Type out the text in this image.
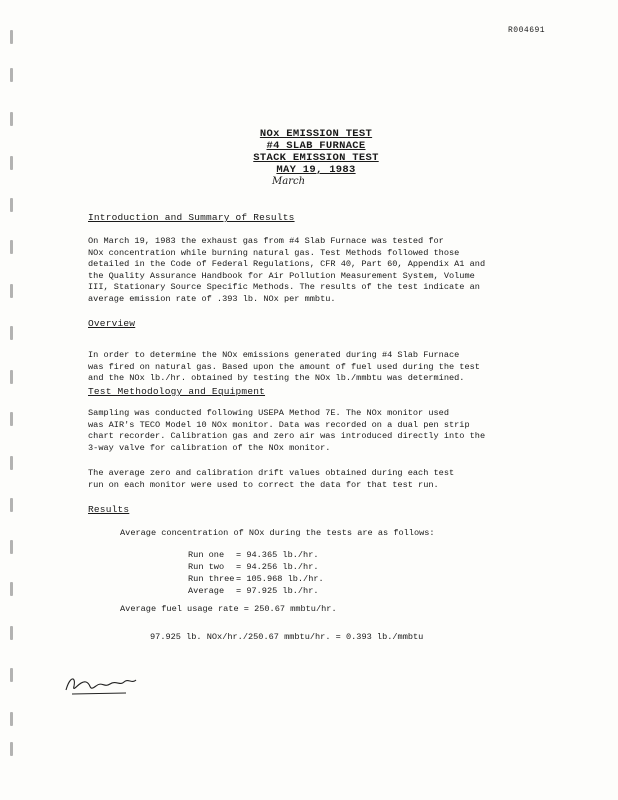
R004691
NOx EMISSION TEST
#4 SLAB FURNACE
STACK EMISSION TEST
MAY 19, 1983
March
Introduction and Summary of Results

On March 19, 1983 the exhaust gas from #4 Slab Furnace was tested for
NOx concentration while burning natural gas. Test Methods followed those
detailed in the Code of Federal Regulations, CFR 40, Part 60, Appendix A1 and
the Quality Assurance Handbook for Air Pollution Measurement System, Volume
III, Stationary Source Specific Methods. The results of the test indicate an
average emission rate of .393 lb. NOx per mmbtu.

Overview

In order to determine the NOx emissions generated during #4 Slab Furnace
was fired on natural gas. Based upon the amount of fuel used during the test
and the NOx lb./hr. obtained by testing the NOx lb./mmbtu was determined.

Test Methodology and Equipment

Sampling was conducted following USEPA Method 7E. The NOx monitor used
was AIR's TECO Model 10 NOx monitor. Data was recorded on a dual pen strip
chart recorder. Calibration gas and zero air was introduced directly into the
3-way valve for calibration of the NOx monitor.

The average zero and calibration drift values obtained during each test
run on each monitor were used to correct the data for that test run.

Results
Average concentration of NOx during the tests are as follows:
Run one	= 94.365 lb./hr.
Run two	= 94.256 lb./hr.
Run three = 105.968 lb./hr.
Average	= 97.925 lb./hr.
Average fuel usage rate = 250.67 mmbtu/hr.
97.925 lb. NOx/hr./250.67 mmbtu/hr. = 0.393 lb./mmbtu
